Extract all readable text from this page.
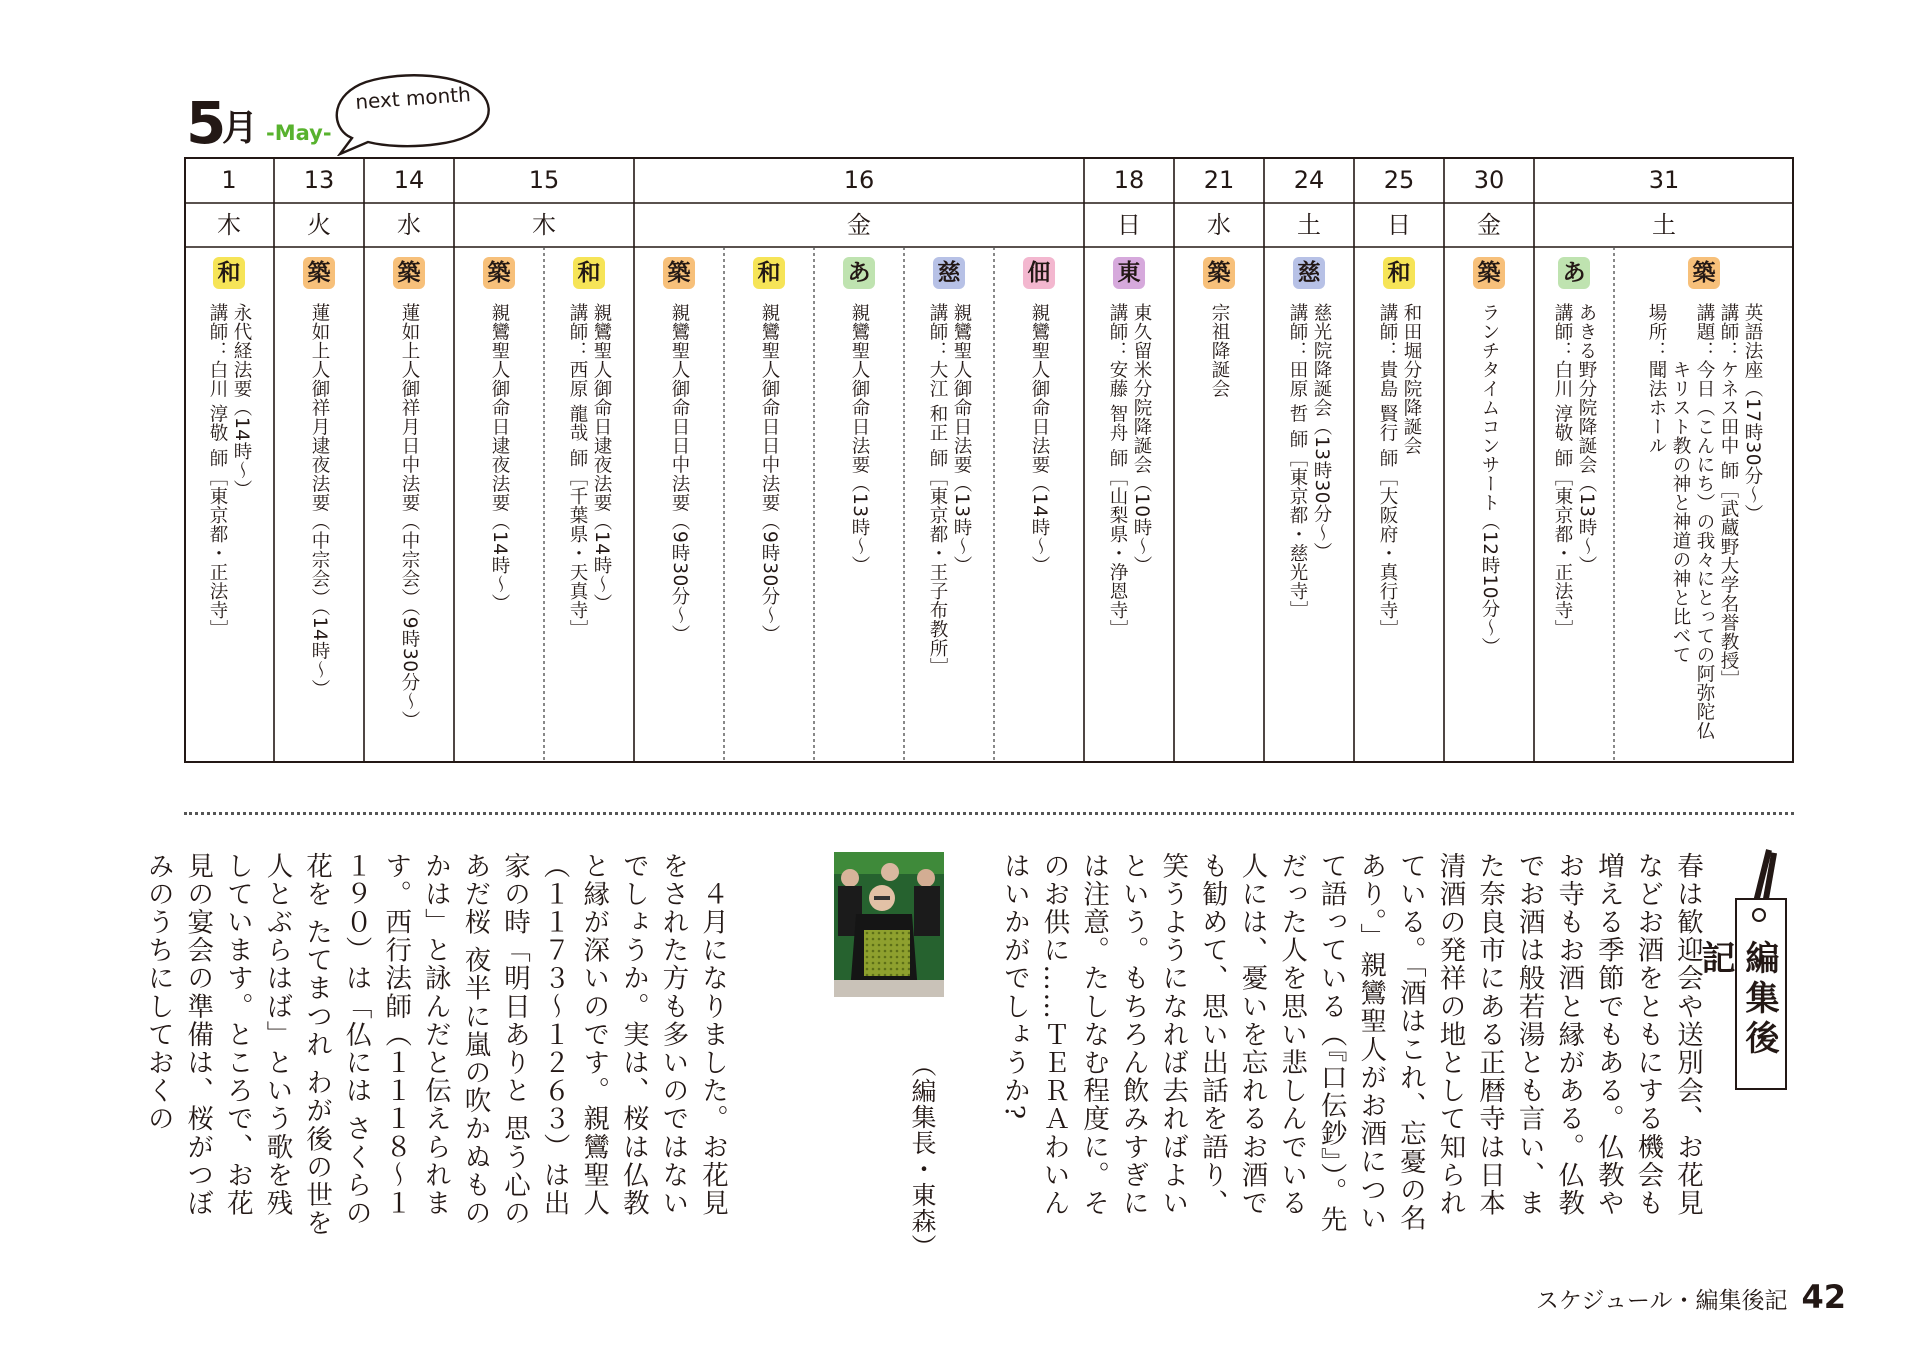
5
月 -May-
next month
1
木
13
火
14
水
15
木
16
金
18
日
21
水
24
土
25
日
30
金
31
土
和
永代経法要（14時〜）
講師：白川 淳敬 師［東京都・正法寺］
築
蓮如上人御祥月逮夜法要（中宗会）（14時〜）
築
蓮如上人御祥月日中法要（中宗会）（9時30分〜）
築
親鸞聖人御命日逮夜法要（14時〜）
和
親鸞聖人御命日逮夜法要（14時〜）
講師：西原 龍哉 師［千葉県・天真寺］
築
親鸞聖人御命日日中法要（9時30分〜）
和
親鸞聖人御命日日中法要（9時30分〜）
あ
親鸞聖人御命日法要（13時〜）
慈
親鸞聖人御命日法要（13時〜）
講師：大江 和正 師［東京都・王子布教所］
佃
親鸞聖人御命日法要（14時〜）
東
東久留米分院降誕会（10時〜）
講師：安藤 智舟 師［山梨県・浄恩寺］
築
宗祖降誕会
慈
慈光院降誕会（13時30分〜）
講師：田原 哲 師［東京都・慈光寺］
和
和田堀分院降誕会
講師：貴島 賢行 師［大阪府・真行寺］
築
ランチタイムコンサート（12時10分〜）
あ
あきる野分院降誕会（13時〜）
講師：白川 淳敬 師［東京都・正法寺］
築
英語法座（17時30分〜）
講師：ケネス田中 師［武蔵野大学名誉教授］
講題：今日（こんにち）の我々にとっての阿弥陀仏
　　　キリスト教の神と神道の神と比べて
場所：聞法ホール
編集後記
春は歓迎会や送別会、お花見などお酒をともにする機会も増える季節でもある。仏教やお寺もお酒と縁がある。仏教でお酒は般若湯とも言い、また奈良市にある正暦寺は日本清酒の発祥の地として知られている。「酒はこれ、忘憂の名あり。」親鸞聖人がお酒について語っている（『口伝鈔』）。先だった人を思い悲しんでいる人には、憂いを忘れるお酒でも勧めて、思い出話を語り、笑うようになれば去ればよいという。もちろん飲みすぎには注意。たしなむ程度に。そのお供に……ＴＥＲＡわいんはいかがでしょうか?
（編集長・東森）
　４月になりました。お花見をされた方も多いのではないでしょうか。実は、桜は仏教と縁が深いのです。親鸞聖人（１１７３〜１２６３）は出家の時「明日ありと 思う心の あだ桜 夜半に嵐の吹かぬものかは」と詠んだと伝えられます。西行法師（１１１８〜１１９０）は「仏には さくらの花を たてまつれ わが後の世を 人とぶらはば」という歌を残しています。ところで、お花見の宴会の準備は、桜がつぼみのうちにしておくの
スケジュール・編集後記 42
